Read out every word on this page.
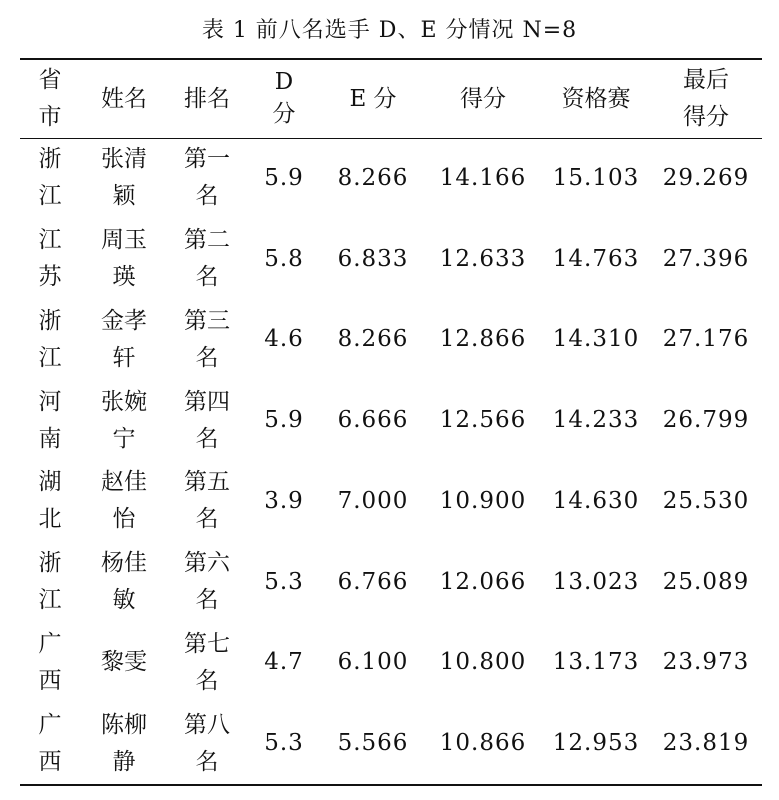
表 1 前八名选手 D、E 分情况 N=8
省市	姓名	排名	D分	E 分	得分	资格赛	最后得分
浙江	张清颖	第一名	5.9	8.266	14.166	15.103	29.269
江苏	周玉瑛	第二名	5.8	6.833	12.633	14.763	27.396
浙江	金孝轩	第三名	4.6	8.266	12.866	14.310	27.176
河南	张婉宁	第四名	5.9	6.666	12.566	14.233	26.799
湖北	赵佳怡	第五名	3.9	7.000	10.900	14.630	25.530
浙江	杨佳敏	第六名	5.3	6.766	12.066	13.023	25.089
广西	黎雯	第七名	4.7	6.100	10.800	13.173	23.973
广西	陈柳静	第八名	5.3	5.566	10.866	12.953	23.819
